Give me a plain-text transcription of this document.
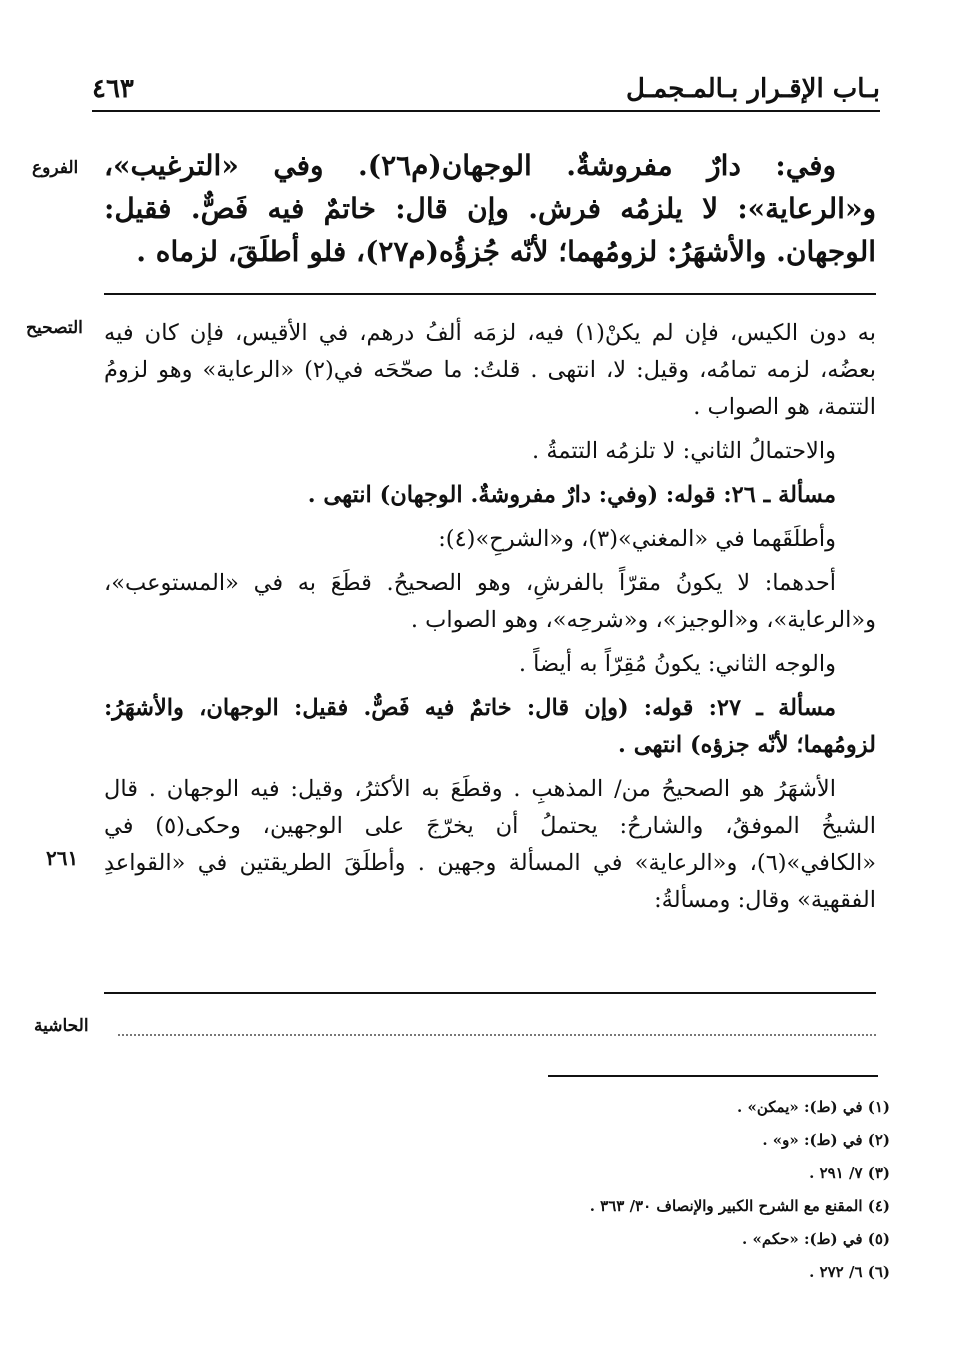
بـاب الإقـرار بـالمـجمـل
٤٦٣
الفروع
التصحيح
٢٦١
الحاشية

وفي: دارٌ مفروشةٌ. الوجهان(م٢٦). وفي «الترغيب»، و«الرعاية»: لا يلزمُه فرش. وإن قال: خاتمٌ فيه فَصٌّ. فقيل: الوجهان. والأشهَرُ: لزومُهما؛ لأنّه جُزؤُه(م٢٧)، فلو أطلَقَ، لزماه .

به دون الكيس، فإن لم يكنْ(١) فيه، لزمَه ألفُ درهم، في الأقيس، فإن كان فيه بعضُه، لزمه تمامُه، وقيل: لا، انتهى . قلتُ: ما صحّحَه في(٢) «الرعاية» وهو لزومُ التتمة، هو الصواب .

والاحتمالُ الثاني: لا تلزمُه التتمةُ .

مسألة ـ ٢٦: قوله: (وفي: دارٌ مفروشةٌ. الوجهان) انتهى .

وأطلَقَهما في «المغني»(٣)، و«الشرحِ»(٤):

أحدهما: لا يكونُ مقرّاً بالفرشِ، وهو الصحيحُ. قطَعَ به في «المستوعب»، و«الرعاية»، و«الوجيز»، و«شرحِه»، وهو الصواب .

والوجه الثاني: يكونُ مُقِرّاً به أيضاً .

مسألة ـ ٢٧: قوله: (وإن قال: خاتمٌ فيه فَصٌّ. فقيل: الوجهان، والأشهَرُ: لزومُهما؛ لأنّه جزؤه) انتهى .

الأشهَرُ هو الصحيحُ من/ المذهبِ . وقطَعَ به الأكثرُ، وقيل: فيه الوجهان . قال الشيخُ الموفقُ، والشارحُ: يحتملُ أن يخرّجَ على الوجهين، وحكى(٥) في «الكافي»(٦)، و«الرعاية» في المسألة وجهين . وأطلَقَ الطريقتين في «القواعدِ الفقهية» وقال: ومسألةُ:

(١) في (ط): «يمكن» .
(٢) في (ط): «و» .
(٣) ٧/ ٢٩١ .
(٤) المقنع مع الشرح الكبير والإنصاف ٣٠/ ٣٦٣ .
(٥) في (ط): «حكم» .
(٦) ٦/ ٢٧٢ .
